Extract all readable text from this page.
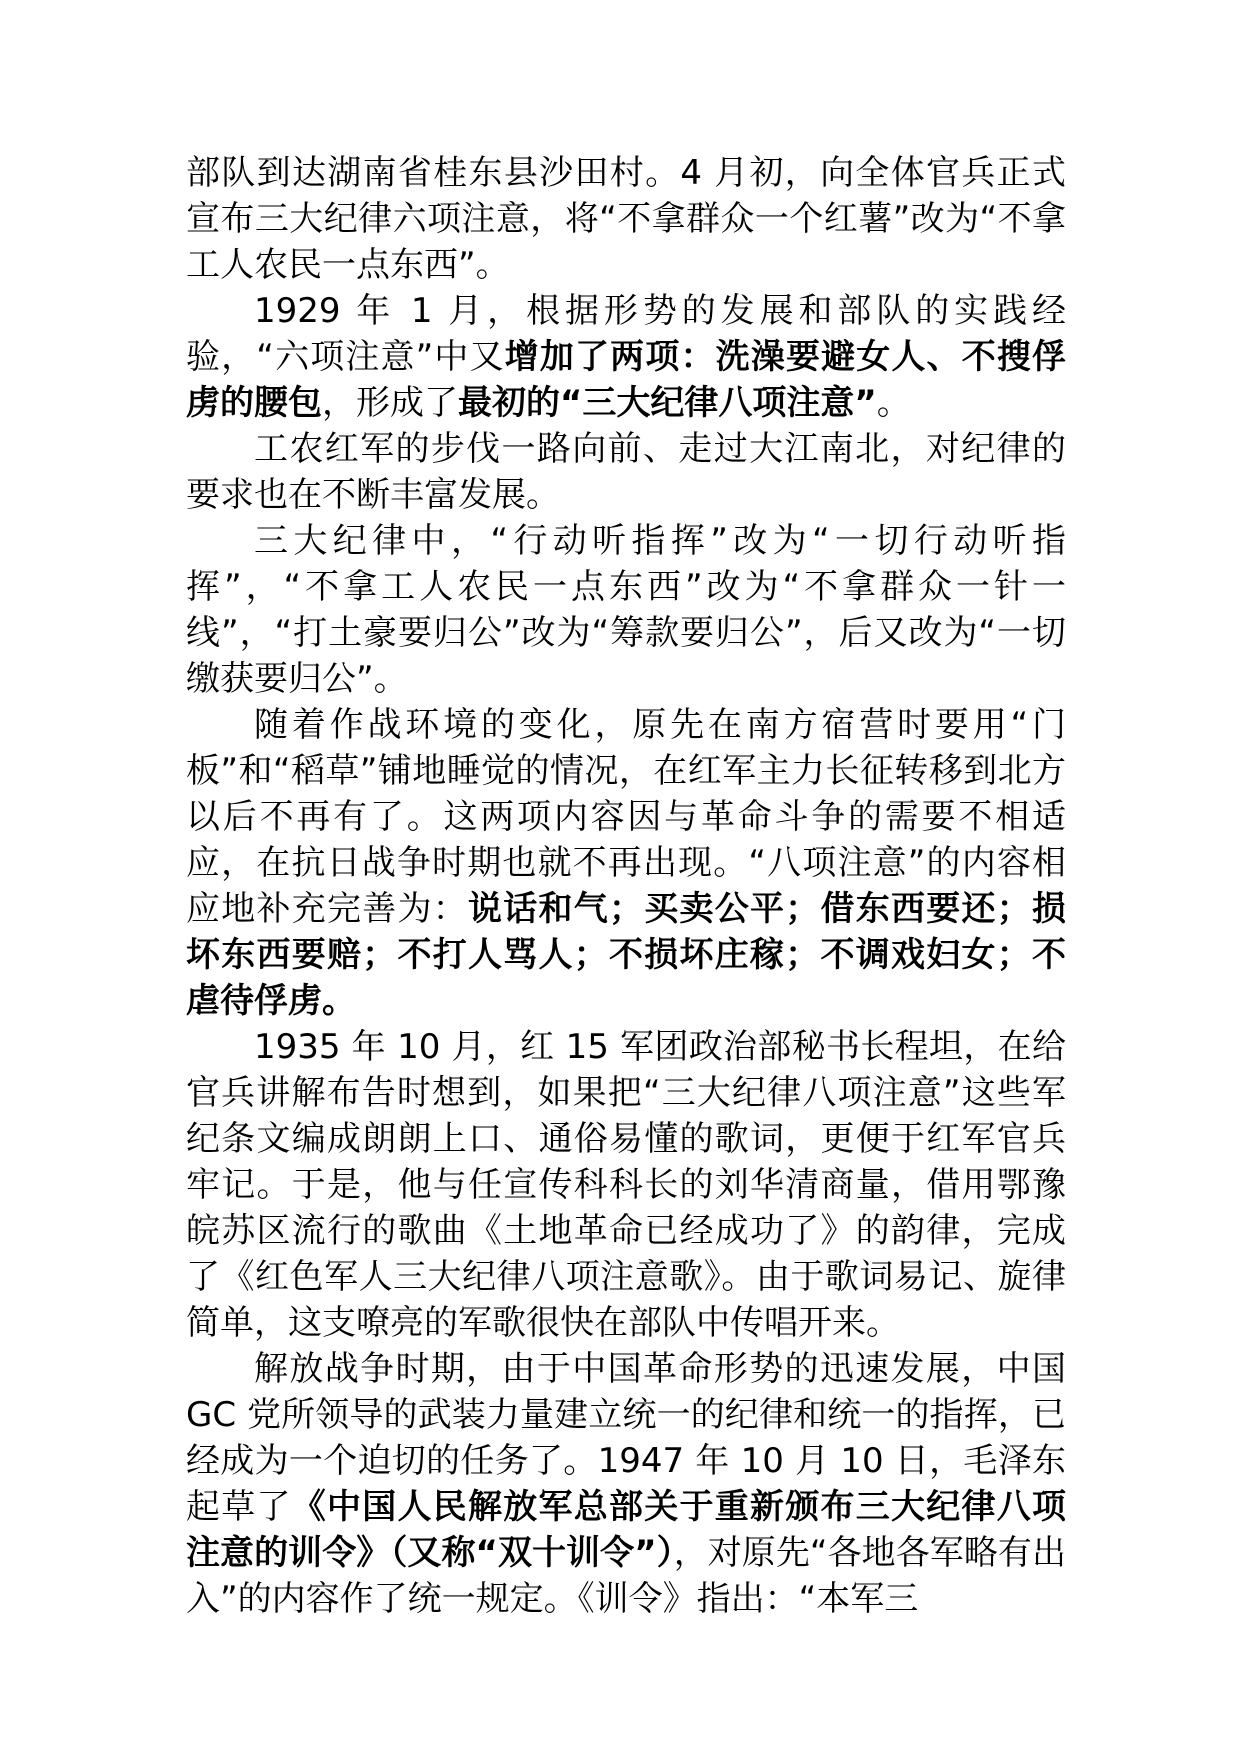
部队到达湖南省桂东县沙田村。4 月初，向全体官兵正式宣布三大纪律六项注意，将“不拿群众一个红薯”改为“不拿工人农民一点东西”。

1929 年 1 月，根据形势的发展和部队的实践经验，“六项注意”中又增加了两项：洗澡要避女人、不搜俘虏的腰包，形成了最初的“三大纪律八项注意”。

工农红军的步伐一路向前、走过大江南北，对纪律的要求也在不断丰富发展。

三大纪律中，“行动听指挥”改为“一切行动听指挥”，“不拿工人农民一点东西”改为“不拿群众一针一线”，“打土豪要归公”改为“筹款要归公”，后又改为“一切缴获要归公”。

随着作战环境的变化，原先在南方宿营时要用“门板”和“稻草”铺地睡觉的情况，在红军主力长征转移到北方以后不再有了。这两项内容因与革命斗争的需要不相适应，在抗日战争时期也就不再出现。“八项注意”的内容相应地补充完善为：说话和气；买卖公平；借东西要还；损坏东西要赔；不打人骂人；不损坏庄稼；不调戏妇女；不虐待俘虏。

1935 年 10 月，红 15 军团政治部秘书长程坦，在给官兵讲解布告时想到，如果把“三大纪律八项注意”这些军纪条文编成朗朗上口、通俗易懂的歌词，更便于红军官兵牢记。于是，他与任宣传科科长的刘华清商量，借用鄂豫皖苏区流行的歌曲《土地革命已经成功了》的韵律，完成了《红色军人三大纪律八项注意歌》。由于歌词易记、旋律简单，这支嘹亮的军歌很快在部队中传唱开来。

解放战争时期，由于中国革命形势的迅速发展，中国 GC 党所领导的武装力量建立统一的纪律和统一的指挥，已经成为一个迫切的任务了。1947 年 10 月 10 日，毛泽东起草了《中国人民解放军总部关于重新颁布三大纪律八项注意的训令》（又称“双十训令”），对原先“各地各军略有出入”的内容作了统一规定。《训令》指出：“本军三
